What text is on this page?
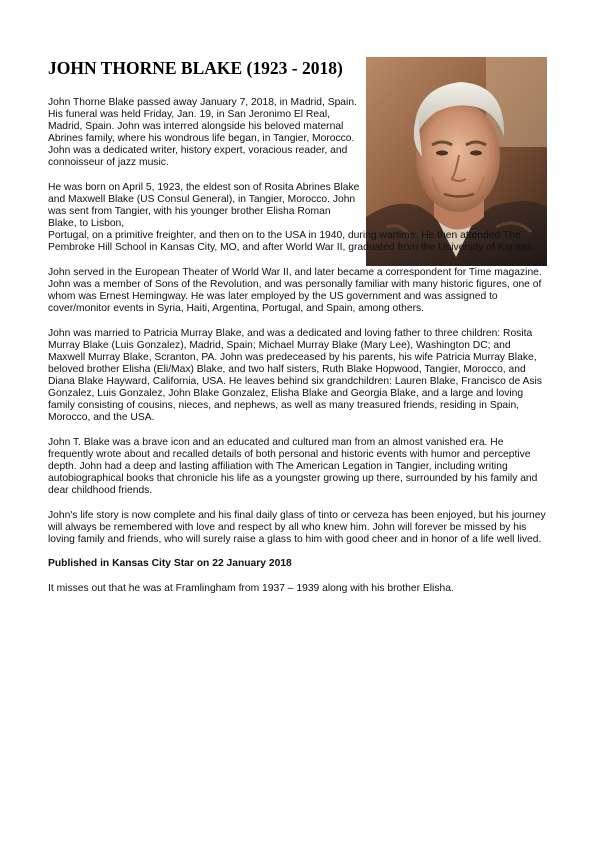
JOHN THORNE BLAKE (1923 - 2018)

John Thorne Blake passed away January 7, 2018, in Madrid, Spain. His funeral was held Friday, Jan. 19, in San Jeronimo El Real, Madrid, Spain. John was interred alongside his beloved maternal Abrines family, where his wondrous life began, in Tangier, Morocco. John was a dedicated writer, history expert, voracious reader, and connoisseur of jazz music.

He was born on April 5, 1923, the eldest son of Rosita Abrines Blake and Maxwell Blake (US Consul General), in Tangier, Morocco. John was sent from Tangier, with his younger brother Elisha Roman Blake, to Lisbon,
Portugal, on a primitive freighter, and then on to the USA in 1940, during wartime. He then attended The Pembroke Hill School in Kansas City, MO, and after World War II, graduated from the University of Kansas.

John served in the European Theater of World War II, and later became a correspondent for Time magazine. John was a member of Sons of the Revolution, and was personally familiar with many historic figures, one of whom was Ernest Hemingway. He was later employed by the US government and was assigned to cover/monitor events in Syria, Haiti, Argentina, Portugal, and Spain, among others.

John was married to Patricia Murray Blake, and was a dedicated and loving father to three children: Rosita Murray Blake (Luis Gonzalez), Madrid, Spain; Michael Murray Blake (Mary Lee), Washington DC; and Maxwell Murray Blake, Scranton, PA. John was predeceased by his parents, his wife Patricia Murray Blake, beloved brother Elisha (Eli/Max) Blake, and two half sisters, Ruth Blake Hopwood, Tangier, Morocco, and Diana Blake Hayward, California, USA. He leaves behind six grandchildren: Lauren Blake, Francisco de Asis Gonzalez, Luis Gonzalez, John Blake Gonzalez, Elisha Blake and Georgia Blake, and a large and loving family consisting of cousins, nieces, and nephews, as well as many treasured friends, residing in Spain, Morocco, and the USA.

John T. Blake was a brave icon and an educated and cultured man from an almost vanished era. He frequently wrote about and recalled details of both personal and historic events with humor and perceptive depth. John had a deep and lasting affiliation with The American Legation in Tangier, including writing autobiographical books that chronicle his life as a youngster growing up there, surrounded by his family and dear childhood friends.

John's life story is now complete and his final daily glass of tinto or cerveza has been enjoyed, but his journey will always be remembered with love and respect by all who knew him. John will forever be missed by his loving family and friends, who will surely raise a glass to him with good cheer and in honor of a life well lived.

Published in Kansas City Star on 22 January 2018

It misses out that he was at Framlingham from 1937 – 1939 along with his brother Elisha.
